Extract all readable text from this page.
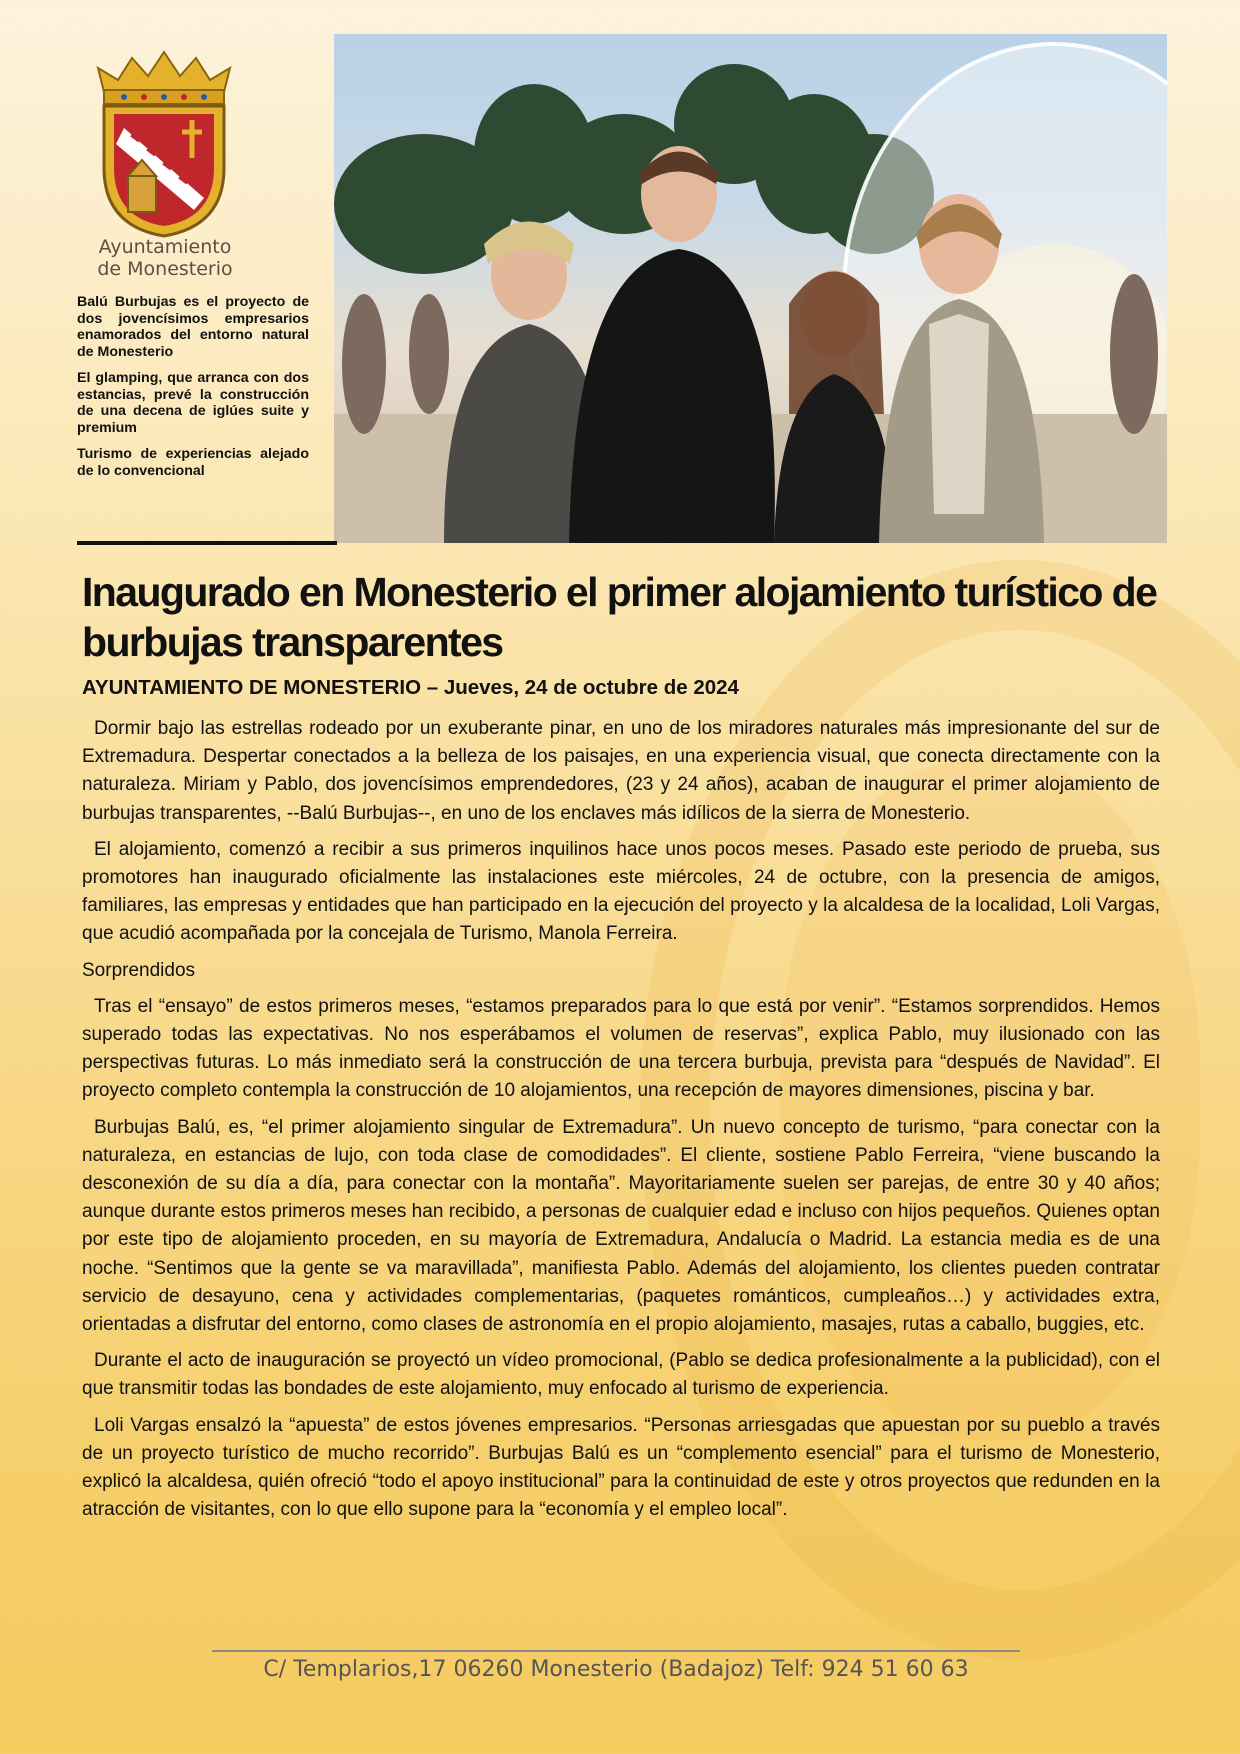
Ayuntamiento
de Monesterio

Balú Burbujas es el proyecto de dos jovencísimos empresarios enamorados del entorno natural de Monesterio

El glamping, que arranca con dos estancias, prevé la construcción de una decena de iglúes suite y premium

Turismo de experiencias alejado de lo convencional

Inaugurado en Monesterio el primer alojamiento turístico de burbujas transparentes

AYUNTAMIENTO DE MONESTERIO – Jueves, 24 de octubre de 2024

Dormir bajo las estrellas rodeado por un exuberante pinar, en uno de los miradores naturales más impresionante del sur de Extremadura. Despertar conectados a la belleza de los paisajes, en una experiencia visual, que conecta directamente con la naturaleza. Miriam y Pablo, dos jovencísimos emprendedores, (23 y 24 años), acaban de inaugurar el primer alojamiento de burbujas transparentes, --Balú Burbujas--, en uno de los enclaves más idílicos de la sierra de Monesterio.

El alojamiento, comenzó a recibir a sus primeros inquilinos hace unos pocos meses. Pasado este periodo de prueba, sus promotores han inaugurado oficialmente las instalaciones este miércoles, 24 de octubre, con la presencia de amigos, familiares, las empresas y entidades que han participado en la ejecución del proyecto y la alcaldesa de la localidad, Loli Vargas, que acudió acompañada por la concejala de Turismo, Manola Ferreira.

Sorprendidos

Tras el “ensayo” de estos primeros meses, “estamos preparados para lo que está por venir”. “Estamos sorprendidos. Hemos superado todas las expectativas. No nos esperábamos el volumen de reservas”, explica Pablo, muy ilusionado con las perspectivas futuras. Lo más inmediato será la construcción de una tercera burbuja, prevista para “después de Navidad”. El proyecto completo contempla la construcción de 10 alojamientos, una recepción de mayores dimensiones, piscina y bar.

Burbujas Balú, es, “el primer alojamiento singular de Extremadura”. Un nuevo concepto de turismo, “para conectar con la naturaleza, en estancias de lujo, con toda clase de comodidades”. El cliente, sostiene Pablo Ferreira, “viene buscando la desconexión de su día a día, para conectar con la montaña”. Mayoritariamente suelen ser parejas, de entre 30 y 40 años; aunque durante estos primeros meses han recibido, a personas de cualquier edad e incluso con hijos pequeños. Quienes optan por este tipo de alojamiento proceden, en su mayoría de Extremadura, Andalucía o Madrid. La estancia media es de una noche. “Sentimos que la gente se va maravillada”, manifiesta Pablo. Además del alojamiento, los clientes pueden contratar servicio de desayuno, cena y actividades complementarias, (paquetes románticos, cumpleaños…) y actividades extra, orientadas a disfrutar del entorno, como clases de astronomía en el propio alojamiento, masajes, rutas a caballo, buggies, etc.

Durante el acto de inauguración se proyectó un vídeo promocional, (Pablo se dedica profesionalmente a la publicidad), con el que transmitir todas las bondades de este alojamiento, muy enfocado al turismo de experiencia.

Loli Vargas ensalzó la “apuesta” de estos jóvenes empresarios. “Personas arriesgadas que apuestan por su pueblo a través de un proyecto turístico de mucho recorrido”. Burbujas Balú es un “complemento esencial” para el turismo de Monesterio, explicó la alcaldesa, quién ofreció “todo el apoyo institucional” para la continuidad de este y otros proyectos que redunden en la atracción de visitantes, con lo que ello supone para la “economía y el empleo local”.

C/ Templarios,17 06260 Monesterio (Badajoz) Telf: 924 51 60 63
